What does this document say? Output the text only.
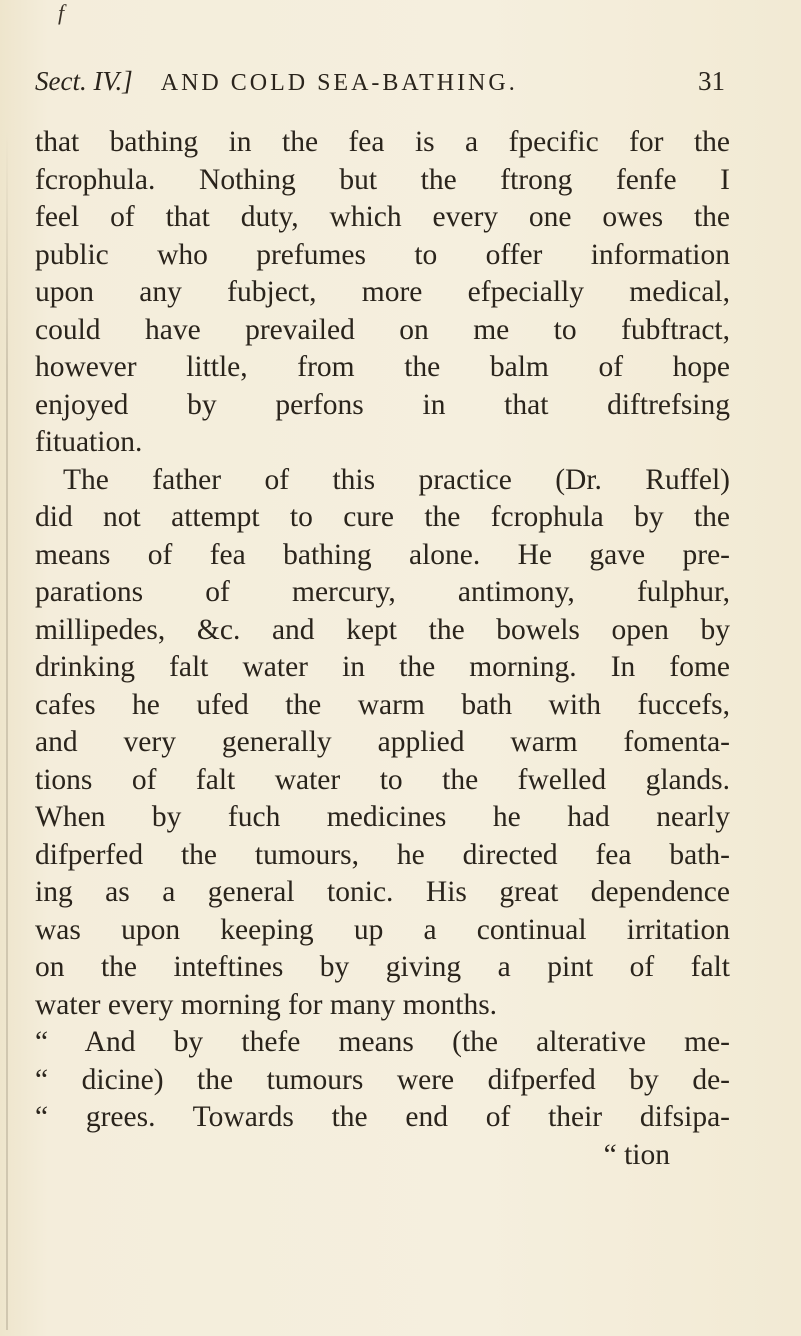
f
Sect. IV.] AND COLD SEA-BATHING.	31
that bathing in the fea is a fpecific for the
fcrophula. Nothing but the ftrong fenfe I
feel of that duty, which every one owes the
public who prefumes to offer information
upon any fubject, more efpecially medical,
could have prevailed on me to fubftract,
however little, from the balm of hope
enjoyed by perfons in that diftrefsing
fituation.
The father of this practice (Dr. Ruffel)
did not attempt to cure the fcrophula by the
means of fea bathing alone. He gave pre-
parations of mercury, antimony, fulphur,
millipedes, &c. and kept the bowels open by
drinking falt water in the morning. In fome
cafes he ufed the warm bath with fuccefs,
and very generally applied warm fomenta-
tions of falt water to the fwelled glands.
When by fuch medicines he had nearly
difperfed the tumours, he directed fea bath-
ing as a general tonic. His great dependence
was upon keeping up a continual irritation
on the inteftines by giving a pint of falt
water every morning for many months.
“ And by thefe means (the alterative me-
“ dicine) the tumours were difperfed by de-
“ grees. Towards the end of their difsipa-
“ tion
